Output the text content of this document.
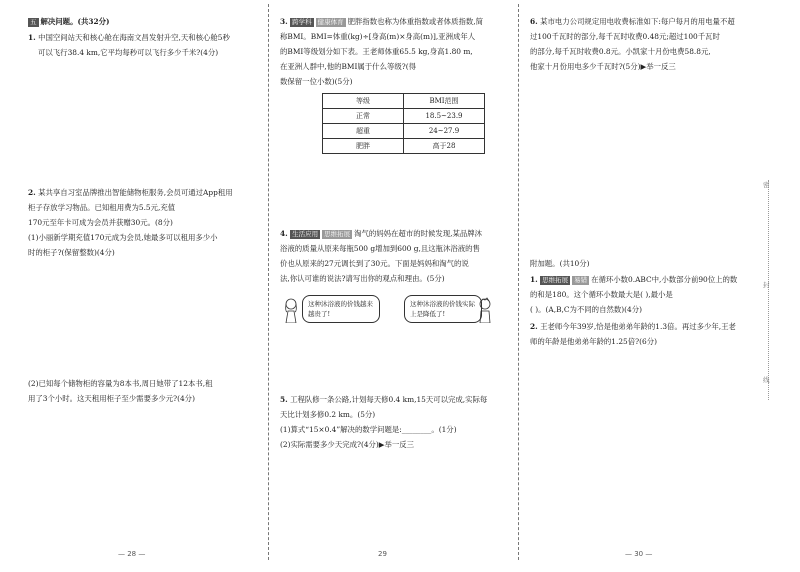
五 解决问题。(共32分)
1. 中国空间站天和核心舱在海南文昌发射升空,天和核心舱5秒
可以飞行38.4 km,它平均每秒可以飞行多少千米?(4分)
2. 某共享自习室品牌推出智能储物柜服务,会员可通过App租用
柜子存放学习物品。已知租用费为5.5元,充值
170元至年卡可成为会员并获赠30元。(8分)
(1)小丽新学期充值170元成为会员,她最多可以租用多少小
时的柜子?(保留整数)(4分)
(2)已知每个储物柜的容量为8本书,周日她带了12本书,租
用了3个小时。这天租用柜子至少需要多少元?(4分)
— 28 —
3. 跨学科 健康体育 肥胖指数也称为体重指数或者体质指数,简
称BMI。BMI=体重(kg)÷[身高(m)×身高(m)],亚洲成年人
的BMI等级划分如下表。王老师体重65.5 kg,身高1.80 m,
在亚洲人群中,他的BMI属于什么等级?(得
数保留一位小数)(5分)
等级	BMI范围
正常	18.5~23.9
超重	24~27.9
肥胖	高于28
4. 生活应用 思维拓展 淘气的妈妈在超市的时候发现,某品牌沐
浴液的质量从原来每瓶500 g增加到600 g,且这瓶沐浴液的售
价也从原来的27元调长到了30元。下面是妈妈和淘气的说
法,你认可谁的说法?请写出你的观点和理由。(5分)
这种沐浴液的价钱越来越贵了!
这种沐浴液的价钱实际上是降低了!
5. 工程队修一条公路,计划每天修0.4 km,15天可以完成,实际每
天比计划多修0.2 km。(5分)
(1)算式“15×0.4”解决的数学问题是:________。(1分)
(2)实际需要多少天完成?(4分)▶举一反三
29
6. 某市电力公司规定用电收费标准如下:每户每月的用电量不超
过100千瓦时的部分,每千瓦时收费0.48元;超过100千瓦时
的部分,每千瓦时收费0.8元。小凯家十月份电费58.8元,
他家十月份用电多少千瓦时?(5分)▶举一反三
附加题。(共10分)
1. 思维拓展 易错 在循环小数0.ABC中,小数部分前90位上的数
的和是180。这个循环小数最大是( ),最小是
( )。(A,B,C为不同的自然数)(4分)
2. 王老师今年39岁,恰是他弟弟年龄的1.3倍。再过多少年,王老
师的年龄是他弟弟年龄的1.25倍?(6分)
— 30 —
密
封
线
